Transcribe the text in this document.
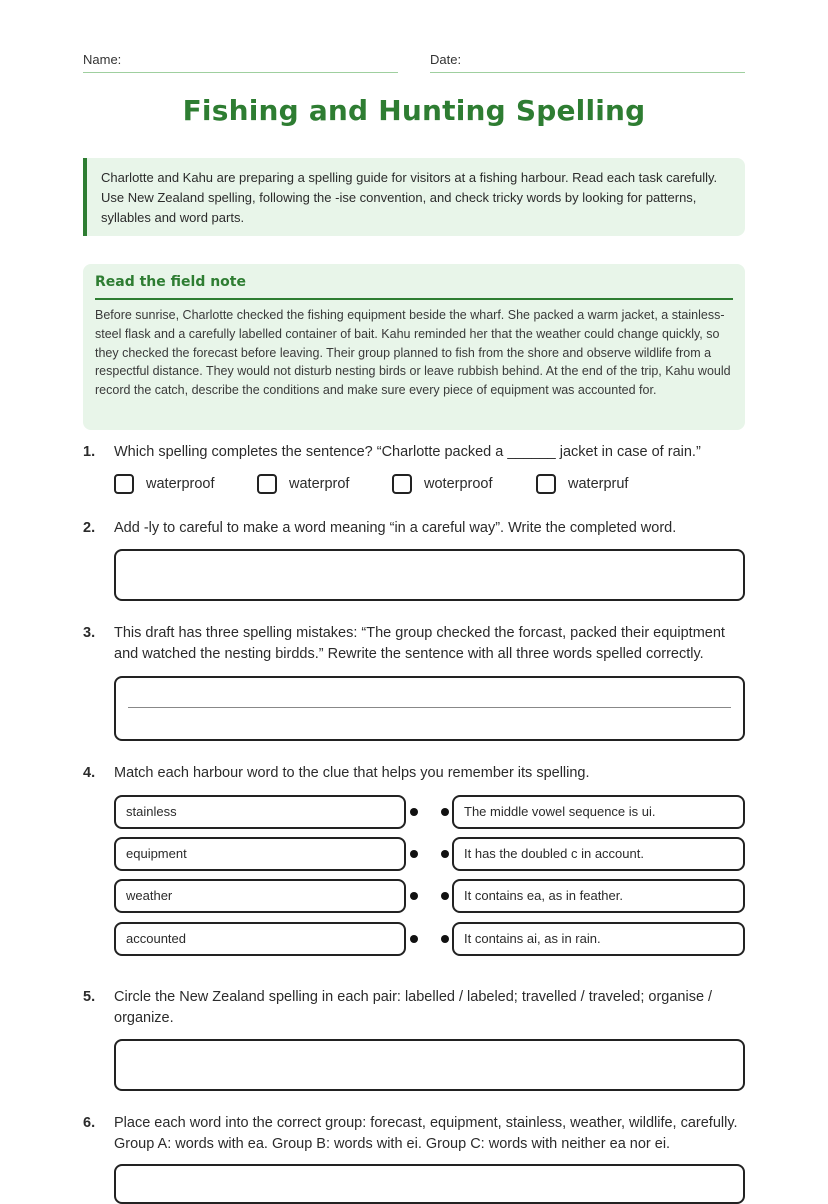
Name:	Date:
Fishing and Hunting Spelling
Charlotte and Kahu are preparing a spelling guide for visitors at a fishing harbour. Read each task carefully. Use New Zealand spelling, following the -ise convention, and check tricky words by looking for patterns, syllables and word parts.
Read the field note

Before sunrise, Charlotte checked the fishing equipment beside the wharf. She packed a warm jacket, a stainless-steel flask and a carefully labelled container of bait. Kahu reminded her that the weather could change quickly, so they checked the forecast before leaving. Their group planned to fish from the shore and observe wildlife from a respectful distance. They would not disturb nesting birds or leave rubbish behind. At the end of the trip, Kahu would record the catch, describe the conditions and make sure every piece of equipment was accounted for.

1.	Which spelling completes the sentence? “Charlotte packed a ______ jacket in case of rain.”
waterproof	waterprof	woterproof	waterpruf
2.	Add -ly to careful to make a word meaning “in a careful way”. Write the completed word.
3.	This draft has three spelling mistakes: “The group checked the forcast, packed their equiptment and watched the nesting birdds.” Rewrite the sentence with all three words spelled correctly.
4.	Match each harbour word to the clue that helps you remember its spelling.
stainless	The middle vowel sequence is ui.
equipment	It has the doubled c in account.
weather	It contains ea, as in feather.
accounted	It contains ai, as in rain.
5.	Circle the New Zealand spelling in each pair: labelled / labeled; travelled / traveled; organise / organize.
6.	Place each word into the correct group: forecast, equipment, stainless, weather, wildlife, carefully. Group A: words with ea. Group B: words with ei. Group C: words with neither ea nor ei.
